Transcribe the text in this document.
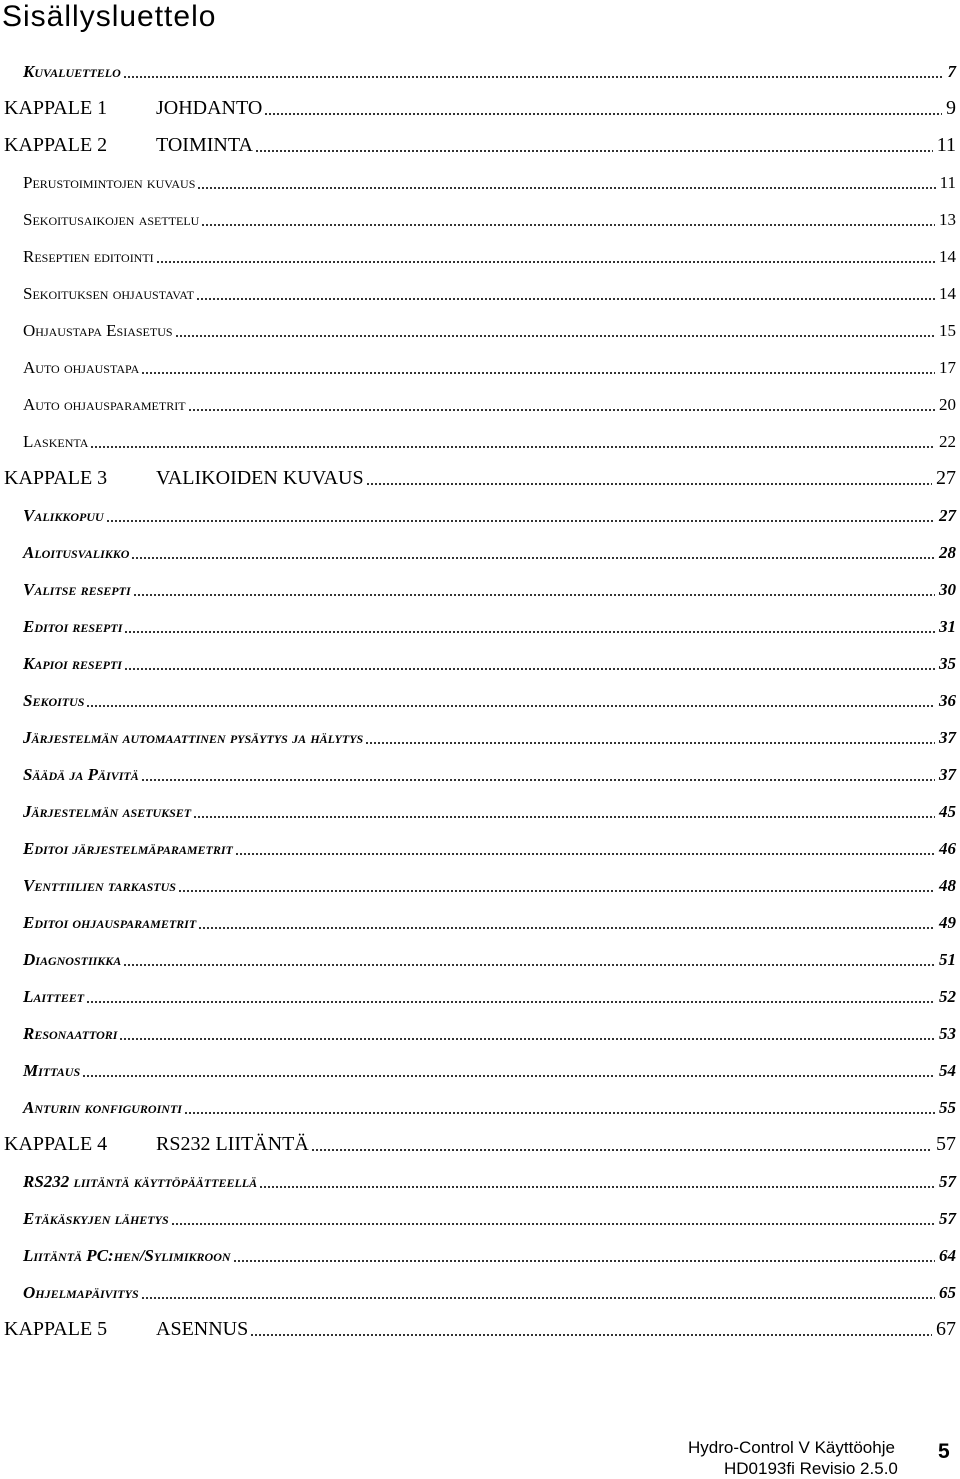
Sisällysluettelo
Kuvaluettelo	7
KAPPALE 1 JOHDANTO	9
KAPPALE 2 TOIMINTA	11
Perustoimintojen kuvaus	11
Sekoitusaikojen asettelu	13
Reseptien editointi	14
Sekoituksen ohjaustavat	14
Ohjaustapa Esiasetus	15
Auto ohjaustapa	17
Auto ohjausparametrit	20
Laskenta	22
KAPPALE 3 VALIKOIDEN KUVAUS	27
Valikkopuu	27
Aloitusvalikko	28
Valitse resepti	30
Editoi resepti	31
Kapioi resepti	35
Sekoitus	36
Järjestelmän automaattinen pysäytys ja hälytys	37
Säädä ja Päivitä	37
Järjestelmän asetukset	45
Editoi järjestelmäparametrit	46
Venttiilien tarkastus	48
Editoi ohjausparametrit	49
Diagnostiikka	51
Laitteet	52
Resonaattori	53
Mittaus	54
Anturin konfigurointi	55
KAPPALE 4 RS232 LIITÄNTÄ	57
RS232 liitäntä käyttöpäätteellä	57
Etäkäskyjen lähetys	57
Liitäntä PC:hen/Sylimikroon	64
Ohjelmapäivitys	65
KAPPALE 5 ASENNUS	67
Hydro-Control V Käyttöohje
HD0193fi Revisio 2.5.0
5
